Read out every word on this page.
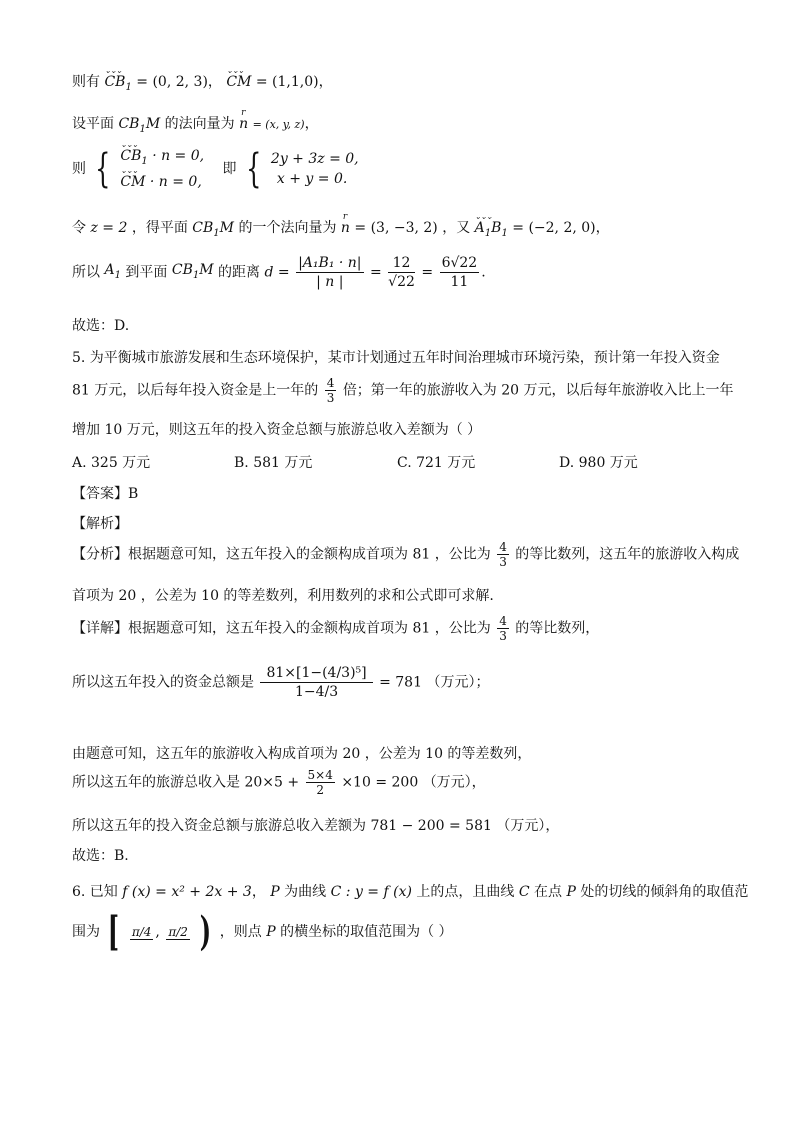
则有 ⌄⌄⌄ $CB_1 = (0$, 2, 3)， ⌄⌄⌄ CM = (1,1,0)，
设平面 $CB_1M$ 的法向量为 r n = (x, y, z)，
则 { ⌄⌄⌄ $CB_1 \cdot n = 0$,
⌄⌄⌄ CM · n = 0,
即 { 2y + 3z = 0,
x + y = 0.
令 z = 2 ，得平面 $CB_1M$ 的一个法向量为 r n = (3, −3, 2) ，又 ⌄⌄⌄ $A_1B_1 = (-2$, 2, 0)，
所以 $A_1$ 到平面 $CB_1M$ 的距离 $d = \frac{\text{|A₁B₁ · n|}}{| n |} = \frac{12}{√22} = \frac{6√22}{11}$ .
故选：D.
5. 为平衡城市旅游发展和生态环境保护，某市计划通过五年时间治理城市环境污染，预计第一年投入资金
81 万元，以后每年投入资金是上一年的 $\frac{4}{3}$ 倍；第一年的旅游收入为 20 万元，以后每年旅游收入比上一年
增加 10 万元，则这五年的投入资金总额与旅游总收入差额为（ ）
A. 325 万元	B. 581 万元	C. 721 万元	D. 980 万元
【答案】B
【解析】
【分析】根据题意可知，这五年投入的金额构成首项为 81 ，公比为 $\frac{4}{3}$ 的等比数列，这五年的旅游收入构成
首项为 20 ，公差为 10 的等差数列，利用数列的求和公式即可求解.
【详解】根据题意可知，这五年投入的金额构成首项为 81 ，公比为 $\frac{4}{3}$ 的等比数列，
所以这五年投入的资金总额是 $\frac{\text{81×[1−(4/3)⁵]}}{1-4/3} = 781$ （万元）；
由题意可知，这五年的旅游收入构成首项为 20 ，公差为 10 的等差数列，
所以这五年的旅游总收入是 $20\times 5 + \frac{5\times 4}{2} \times 10 = 200$ （万元），
所以这五年的投入资金总额与旅游总收入差额为 781 − 200 = 581 （万元），
故选：B.
6. 已知 f (x) = x² + 2x + 3， P 为曲线 C : y = f (x) 上的点，且曲线 C 在点 P 处的切线的倾斜角的取值范
围为 [ π/4 , π/2 ) ，则点 P 的横坐标的取值范围为（ ）
